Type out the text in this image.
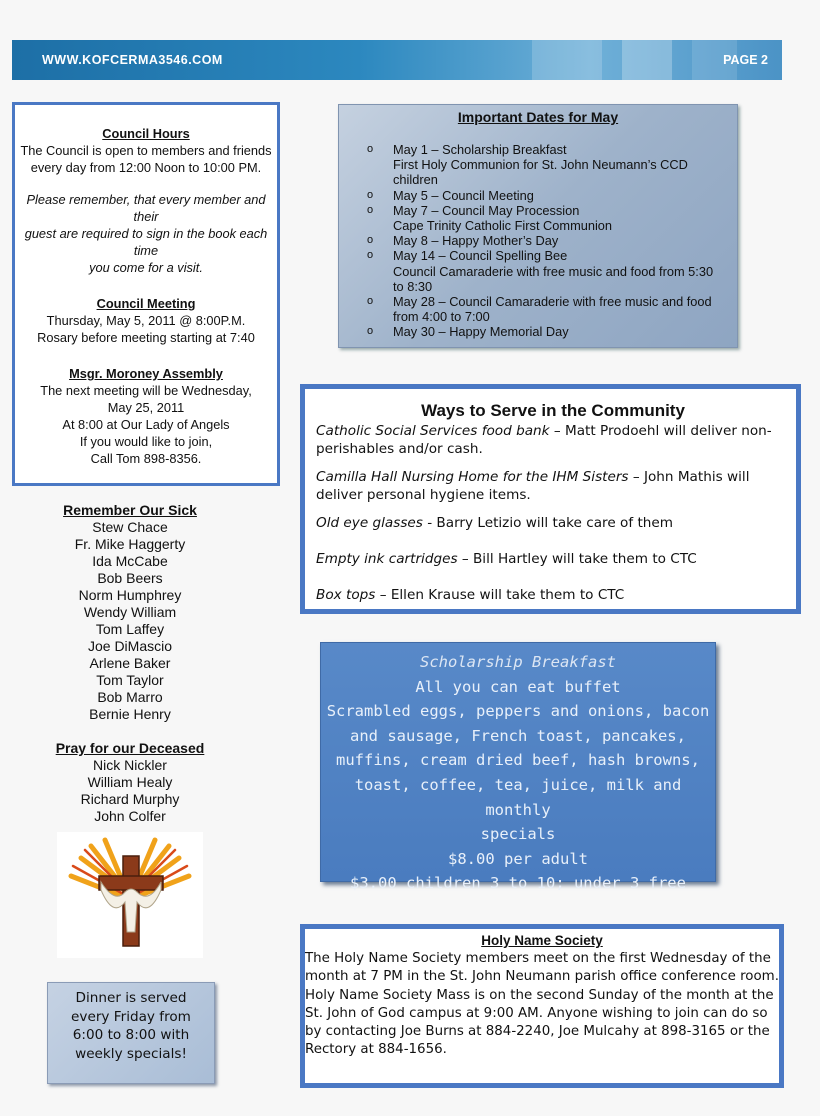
WWW.KOFCERMA3546.COM	PAGE 2

Council Hours

The Council is open to members and friends

every day from 12:00 Noon to 10:00 PM.

Please remember, that every member and their

guest are required to sign in the book each time

you come for a visit.

Council Meeting

Thursday, May 5, 2011 @ 8:00P.M.

Rosary before meeting starting at 7:40

Msgr. Moroney Assembly

The next meeting will be Wednesday,

May 25, 2011

At 8:00 at Our Lady of Angels

If you would like to join,

Call Tom 898-8356.

Important Dates for May
o May 1 – Scholarship Breakfast
First Holy Communion for St. John Neumann’s CCD
children
o May 5 – Council Meeting
o May 7 – Council May Procession
Cape Trinity Catholic First Communion
o May 8 – Happy Mother’s Day
o May 14 – Council Spelling Bee
Council Camaraderie with free music and food from 5:30
to 8:30
o May 28 – Council Camaraderie with free music and food
from 4:00 to 7:00
o May 30 – Happy Memorial Day
Ways to Serve in the Community

Catholic Social Services food bank – Matt Prodoehl will deliver non-perishables and/or cash.

Camilla Hall Nursing Home for the IHM Sisters – John Mathis will deliver personal hygiene items.

Old eye glasses - Barry Letizio will take care of them

Empty ink cartridges – Bill Hartley will take them to CTC

Box tops – Ellen Krause will take them to CTC

Scholarship Breakfast
All you can eat buffet
Scrambled eggs, peppers and onions, bacon
and sausage, French toast, pancakes,
muffins, cream dried beef, hash browns,
toast, coffee, tea, juice, milk and monthly
specials
$8.00 per adult
$3.00 children 3 to 10; under 3 free
Holy Name Society

The Holy Name Society members meet on the first Wednesday of the month at 7 PM in the St. John Neumann parish office conference room.

Holy Name Society Mass is on the second Sunday of the month at the St. John of God campus at 9:00 AM. Anyone wishing to join can do so by contacting Joe Burns at 884-2240, Joe Mulcahy at 898-3165 or the Rectory at 884-1656.

Remember Our Sick
Stew Chace
Fr. Mike Haggerty
Ida McCabe
Bob Beers
Norm Humphrey
Wendy William
Tom Laffey
Joe DiMascio
Arlene Baker
Tom Taylor
Bob Marro
Bernie Henry
Pray for our Deceased
Nick Nickler
William Healy
Richard Murphy
John Colfer
Dinner is served
every Friday from
6:00 to 8:00 with
weekly specials!
